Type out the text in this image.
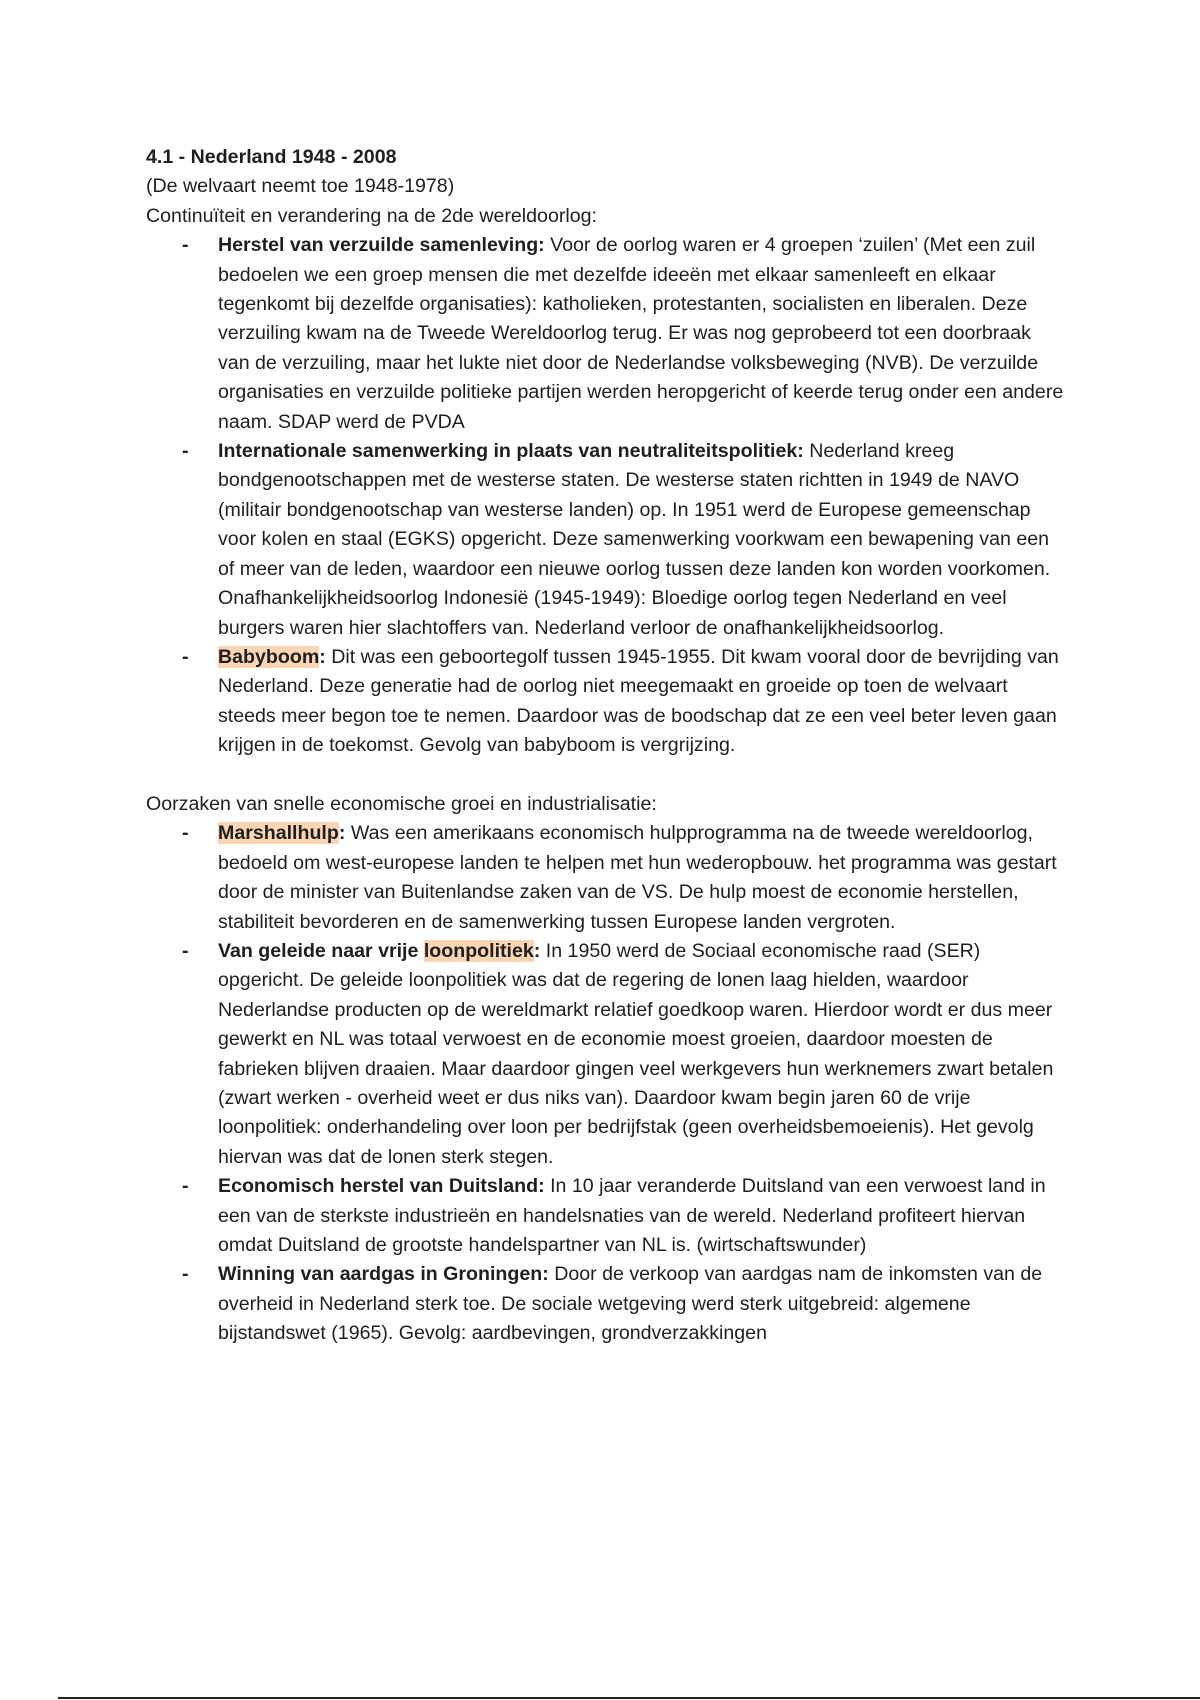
4.1 - Nederland 1948 - 2008
(De welvaart neemt toe 1948-1978)
Continuïteit en verandering na de 2de wereldoorlog:
- Herstel van verzuilde samenleving: Voor de oorlog waren er 4 groepen ‘zuilen’ (Met een zuil bedoelen we een groep mensen die met dezelfde ideeën met elkaar samenleeft en elkaar tegenkomt bij dezelfde organisaties): katholieken, protestanten, socialisten en liberalen. Deze verzuiling kwam na de Tweede Wereldoorlog terug. Er was nog geprobeerd tot een doorbraak van de verzuiling, maar het lukte niet door de Nederlandse volksbeweging (NVB). De verzuilde organisaties en verzuilde politieke partijen werden heropgericht of keerde terug onder een andere naam. SDAP werd de PVDA

- Internationale samenwerking in plaats van neutraliteitspolitiek: Nederland kreeg bondgenootschappen met de westerse staten. De westerse staten richtten in 1949 de NAVO (militair bondgenootschap van westerse landen) op. In 1951 werd de Europese gemeenschap voor kolen en staal (EGKS) opgericht. Deze samenwerking voorkwam een bewapening van een of meer van de leden, waardoor een nieuwe oorlog tussen deze landen kon worden voorkomen.

Onafhankelijkheidsoorlog Indonesië (1945-1949): Bloedige oorlog tegen Nederland en veel burgers waren hier slachtoffers van. Nederland verloor de onafhankelijkheidsoorlog.

- Babyboom: Dit was een geboortegolf tussen 1945-1955. Dit kwam vooral door de bevrijding van Nederland. Deze generatie had de oorlog niet meegemaakt en groeide op toen de welvaart steeds meer begon toe te nemen. Daardoor was de boodschap dat ze een veel beter leven gaan krijgen in de toekomst. Gevolg van babyboom is vergrijzing.

Oorzaken van snelle economische groei en industrialisatie:
- Marshallhulp: Was een amerikaans economisch hulpprogramma na de tweede wereldoorlog, bedoeld om west-europese landen te helpen met hun wederopbouw. het programma was gestart door de minister van Buitenlandse zaken van de VS. De hulp moest de economie herstellen, stabiliteit bevorderen en de samenwerking tussen Europese landen vergroten.

- Van geleide naar vrije loonpolitiek: In 1950 werd de Sociaal economische raad (SER) opgericht. De geleide loonpolitiek was dat de regering de lonen laag hielden, waardoor Nederlandse producten op de wereldmarkt relatief goedkoop waren. Hierdoor wordt er dus meer gewerkt en NL was totaal verwoest en de economie moest groeien, daardoor moesten de fabrieken blijven draaien. Maar daardoor gingen veel werkgevers hun werknemers zwart betalen (zwart werken - overheid weet er dus niks van). Daardoor kwam begin jaren 60 de vrije loonpolitiek: onderhandeling over loon per bedrijfstak (geen overheidsbemoeienis). Het gevolg hiervan was dat de lonen sterk stegen.

- Economisch herstel van Duitsland: In 10 jaar veranderde Duitsland van een verwoest land in een van de sterkste industrieën en handelsnaties van de wereld. Nederland profiteert hiervan omdat Duitsland de grootste handelspartner van NL is. (wirtschaftswunder)

- Winning van aardgas in Groningen: Door de verkoop van aardgas nam de inkomsten van de overheid in Nederland sterk toe. De sociale wetgeving werd sterk uitgebreid: algemene bijstandswet (1965). Gevolg: aardbevingen, grondverzakkingen
